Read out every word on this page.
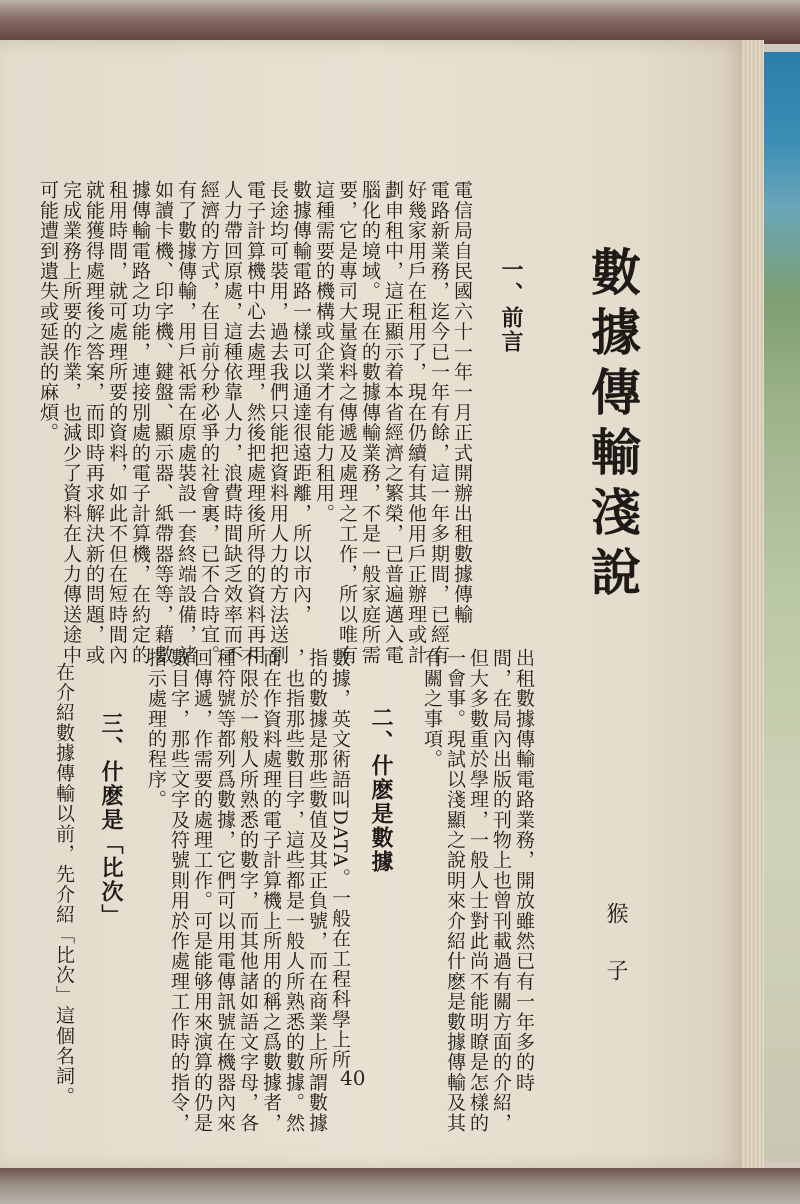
數據傳輸淺說
猴 子
一、前言
電信局自民國六十一年一月正式開辦出租數據傳輸
電路新業務，迄今已一年有餘，這一年多期間，已經有
好幾家用戶在租用了，現在仍續有其他用戶正辦理或計
劃申租中，這正顯示着本省經濟之繁榮，已普遍邁入電
腦化的境域。現在的數據傳輸業務，不是一般家庭所需
要，它是專司大量資料之傳遞及處理之工作，所以唯有
這種需要的機構或企業才有能力租用。
數據傳輸電路一樣可以通達很遠距離，所以市內，
長途均可裝用，過去我們只能把資料用人力的方法送到
電子計算機中心去處理，然後把處理後所得的資料再用
人力帶回原處，這種依靠人力，浪費時間缺乏效率而不
經濟的方式，在目前分秒必爭的社會裏，已不合時宜。
有了數據傳輸，用戶祇需在原處裝設一套終端設備，諸
如讀卡機、印字機、鍵盤、顯示器、紙帶器等等，藉數
據傳輸電路之功能，連接別處的電子計算機，在約定的
租用時間，就可處理所要的資料，如此不但在短時間內
就能獲得處理後之答案，而即時再求解決新的問題，或
完成業務上所要的作業，也減少了資料在人力傳送途中
可能遭到遺失或延誤的麻煩。
出租數據傳輸電路業務，開放雖然已有一年多的時
間，在局內出版的刊物上也曾刊載過有關方面的介紹，
但大多數重於學理，一般人士對此尚不能明瞭是怎樣的
一會事。現試以淺顯之說明來介紹什麽是數據傳輸及其
有關之事項。
二、什麽是數據
數據，英文術語叫DATA。一般在工程科學上所
指的數據是那些數值及其正負號，而在商業上所謂數據
，也指那些數目字，這些都是一般人所熟悉的數據。然
而在作資料處理的電子計算機上所用的稱之爲數據者，
不限於一般人所熟悉的數字，而其他諸如語文字母，各
種符號等都列爲數據，它們可以用電傳訊號在機器內來
回傳遞，作需要的處理工作。可是能够用來演算的仍是
數目字，那些文字及符號則用於作處理工作時的指令，
指示處理的程序。
三、什麽是「比次」
在介紹數據傳輸以前，先介紹「比次」這個名詞。	40
